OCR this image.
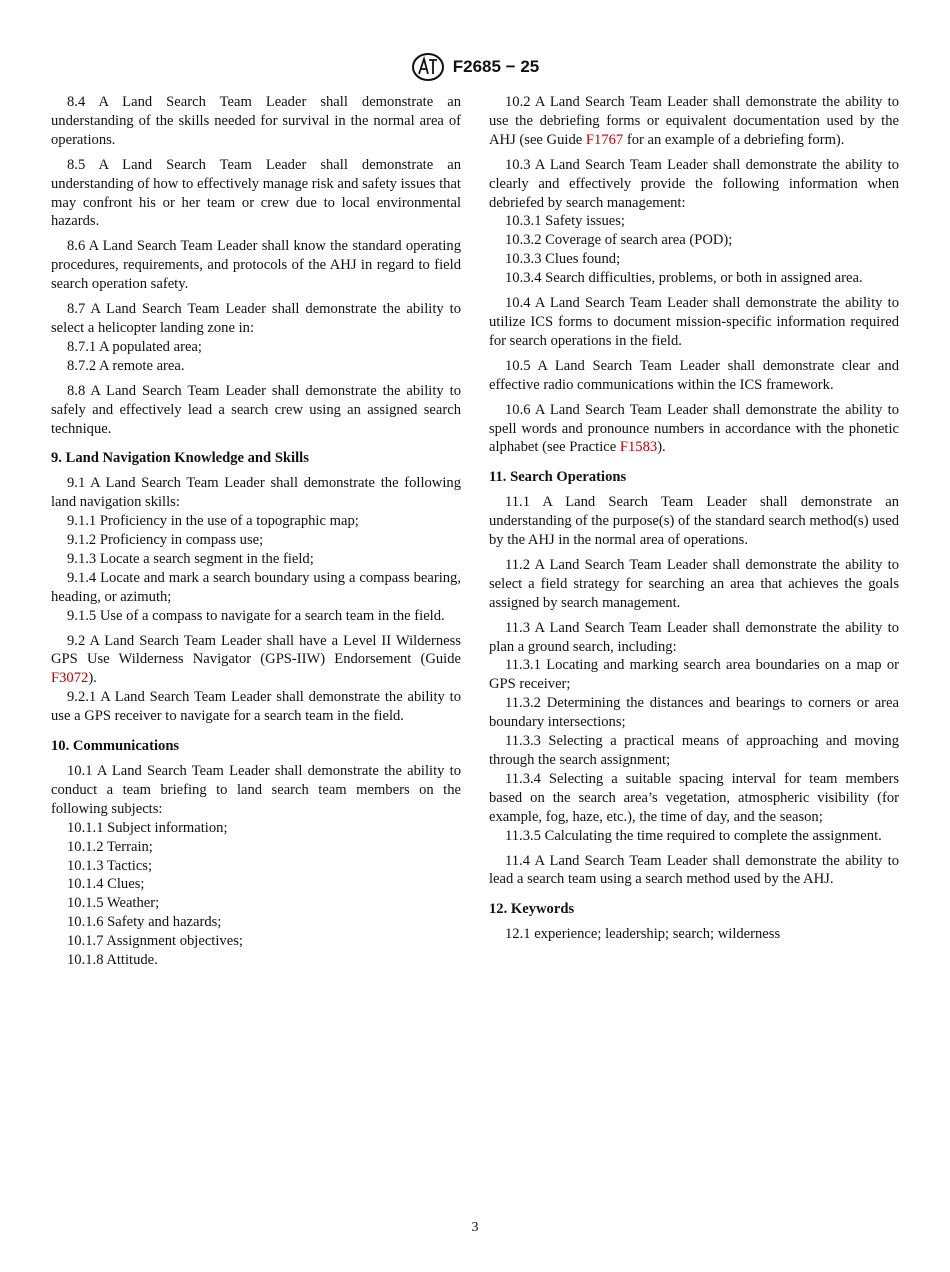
F2685 − 25
8.4 A Land Search Team Leader shall demonstrate an understanding of the skills needed for survival in the normal area of operations.
8.5 A Land Search Team Leader shall demonstrate an understanding of how to effectively manage risk and safety issues that may confront his or her team or crew due to local environmental hazards.
8.6 A Land Search Team Leader shall know the standard operating procedures, requirements, and protocols of the AHJ in regard to field search operation safety.
8.7 A Land Search Team Leader shall demonstrate the ability to select a helicopter landing zone in:
8.7.1 A populated area;
8.7.2 A remote area.
8.8 A Land Search Team Leader shall demonstrate the ability to safely and effectively lead a search crew using an assigned search technique.
9. Land Navigation Knowledge and Skills
9.1 A Land Search Team Leader shall demonstrate the following land navigation skills:
9.1.1 Proficiency in the use of a topographic map;
9.1.2 Proficiency in compass use;
9.1.3 Locate a search segment in the field;
9.1.4 Locate and mark a search boundary using a compass bearing, heading, or azimuth;
9.1.5 Use of a compass to navigate for a search team in the field.
9.2 A Land Search Team Leader shall have a Level II Wilderness GPS Use Wilderness Navigator (GPS-IIW) Endorsement (Guide F3072).
9.2.1 A Land Search Team Leader shall demonstrate the ability to use a GPS receiver to navigate for a search team in the field.
10. Communications
10.1 A Land Search Team Leader shall demonstrate the ability to conduct a team briefing to land search team members on the following subjects:
10.1.1 Subject information;
10.1.2 Terrain;
10.1.3 Tactics;
10.1.4 Clues;
10.1.5 Weather;
10.1.6 Safety and hazards;
10.1.7 Assignment objectives;
10.1.8 Attitude.
10.2 A Land Search Team Leader shall demonstrate the ability to use the debriefing forms or equivalent documentation used by the AHJ (see Guide F1767 for an example of a debriefing form).
10.3 A Land Search Team Leader shall demonstrate the ability to clearly and effectively provide the following information when debriefed by search management:
10.3.1 Safety issues;
10.3.2 Coverage of search area (POD);
10.3.3 Clues found;
10.3.4 Search difficulties, problems, or both in assigned area.
10.4 A Land Search Team Leader shall demonstrate the ability to utilize ICS forms to document mission-specific information required for search operations in the field.
10.5 A Land Search Team Leader shall demonstrate clear and effective radio communications within the ICS framework.
10.6 A Land Search Team Leader shall demonstrate the ability to spell words and pronounce numbers in accordance with the phonetic alphabet (see Practice F1583).
11. Search Operations
11.1 A Land Search Team Leader shall demonstrate an understanding of the purpose(s) of the standard search method(s) used by the AHJ in the normal area of operations.
11.2 A Land Search Team Leader shall demonstrate the ability to select a field strategy for searching an area that achieves the goals assigned by search management.
11.3 A Land Search Team Leader shall demonstrate the ability to plan a ground search, including:
11.3.1 Locating and marking search area boundaries on a map or GPS receiver;
11.3.2 Determining the distances and bearings to corners or area boundary intersections;
11.3.3 Selecting a practical means of approaching and moving through the search assignment;
11.3.4 Selecting a suitable spacing interval for team members based on the search area’s vegetation, atmospheric visibility (for example, fog, haze, etc.), the time of day, and the season;
11.3.5 Calculating the time required to complete the assignment.
11.4 A Land Search Team Leader shall demonstrate the ability to lead a search team using a search method used by the AHJ.
12. Keywords
12.1 experience; leadership; search; wilderness
3
